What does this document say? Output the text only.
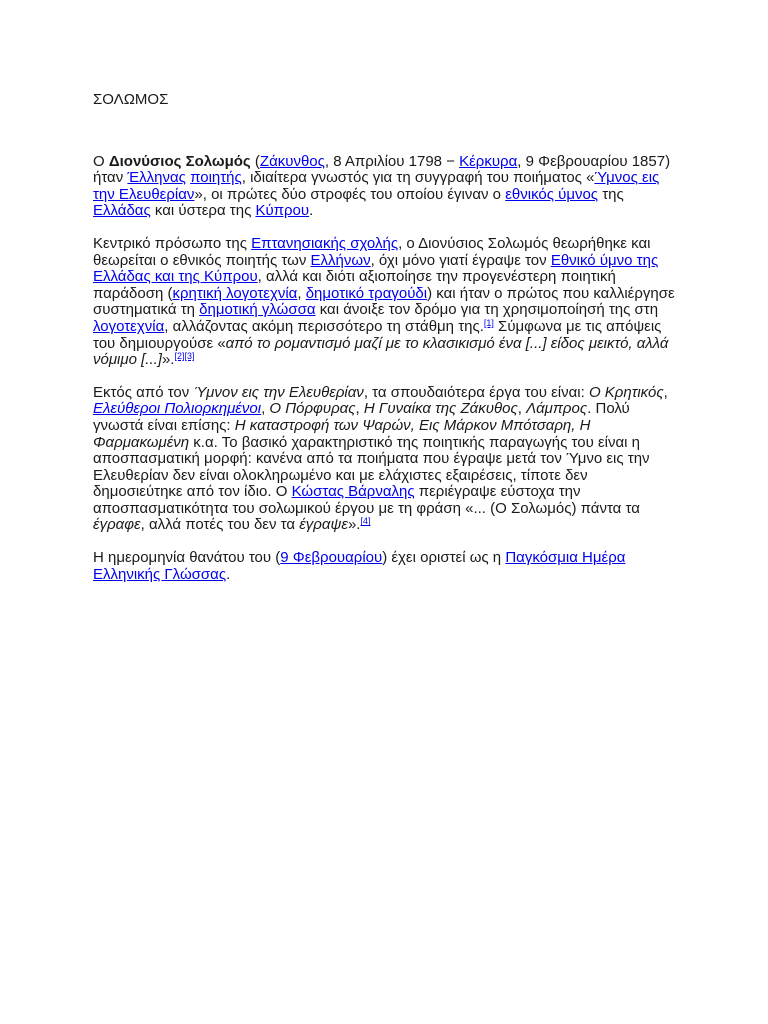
ΣΟΛΩΜΟΣ

Ο Διονύσιος Σολωμός (Ζάκυνθος, 8 Απριλίου 1798 − Κέρκυρα, 9 Φεβρουαρίου 1857) ήταν Έλληνας ποιητής, ιδιαίτερα γνωστός για τη συγγραφή του ποιήματος «Ύμνος εις την Ελευθερίαν», οι πρώτες δύο στροφές του οποίου έγιναν ο εθνικός ύμνος της Ελλάδας και ύστερα της Κύπρου.

Κεντρικό πρόσωπο της Επτανησιακής σχολής, ο Διονύσιος Σολωμός θεωρήθηκε και θεωρείται ο εθνικός ποιητής των Ελλήνων, όχι μόνο γιατί έγραψε τον Εθνικό ύμνο της Ελλάδας και της Κύπρου, αλλά και διότι αξιοποίησε την προγενέστερη ποιητική παράδοση (κρητική λογοτεχνία, δημοτικό τραγούδι) και ήταν ο πρώτος που καλλιέργησε συστηματικά τη δημοτική γλώσσα και άνοιξε τον δρόμο για τη χρησιμοποίησή της στη λογοτεχνία, αλλάζοντας ακόμη περισσότερο τη στάθμη της.[1] Σύμφωνα με τις απόψεις του δημιουργούσε «από το ρομαντισμό μαζί με το κλασικισμό ένα [...] είδος μεικτό, αλλά νόμιμο [...]».[2][3]

Εκτός από τον Ύμνον εις την Ελευθερίαν, τα σπουδαιότερα έργα του είναι: Ο Κρητικός, Ελεύθεροι Πολιορκημένοι, Ο Πόρφυρας, Η Γυναίκα της Ζάκυθος, Λάμπρος. Πολύ γνωστά είναι επίσης: Η καταστροφή των Ψαρών, Εις Μάρκον Μπότσαρη, Η Φαρμακωμένη κ.α. Το βασικό χαρακτηριστικό της ποιητικής παραγωγής του είναι η αποσπασματική μορφή: κανένα από τα ποιήματα που έγραψε μετά τον Ύμνο εις την Ελευθερίαν δεν είναι ολοκληρωμένο και με ελάχιστες εξαιρέσεις, τίποτε δεν δημοσιεύτηκε από τον ίδιο. Ο Κώστας Βάρναλης περιέγραψε εύστοχα την αποσπασματικότητα του σολωμικού έργου με τη φράση «... (Ο Σολωμός) πάντα τα έγραφε, αλλά ποτές του δεν τα έγραψε».[4]

Η ημερομηνία θανάτου του (9 Φεβρουαρίου) έχει οριστεί ως η Παγκόσμια Ημέρα Ελληνικής Γλώσσας.
